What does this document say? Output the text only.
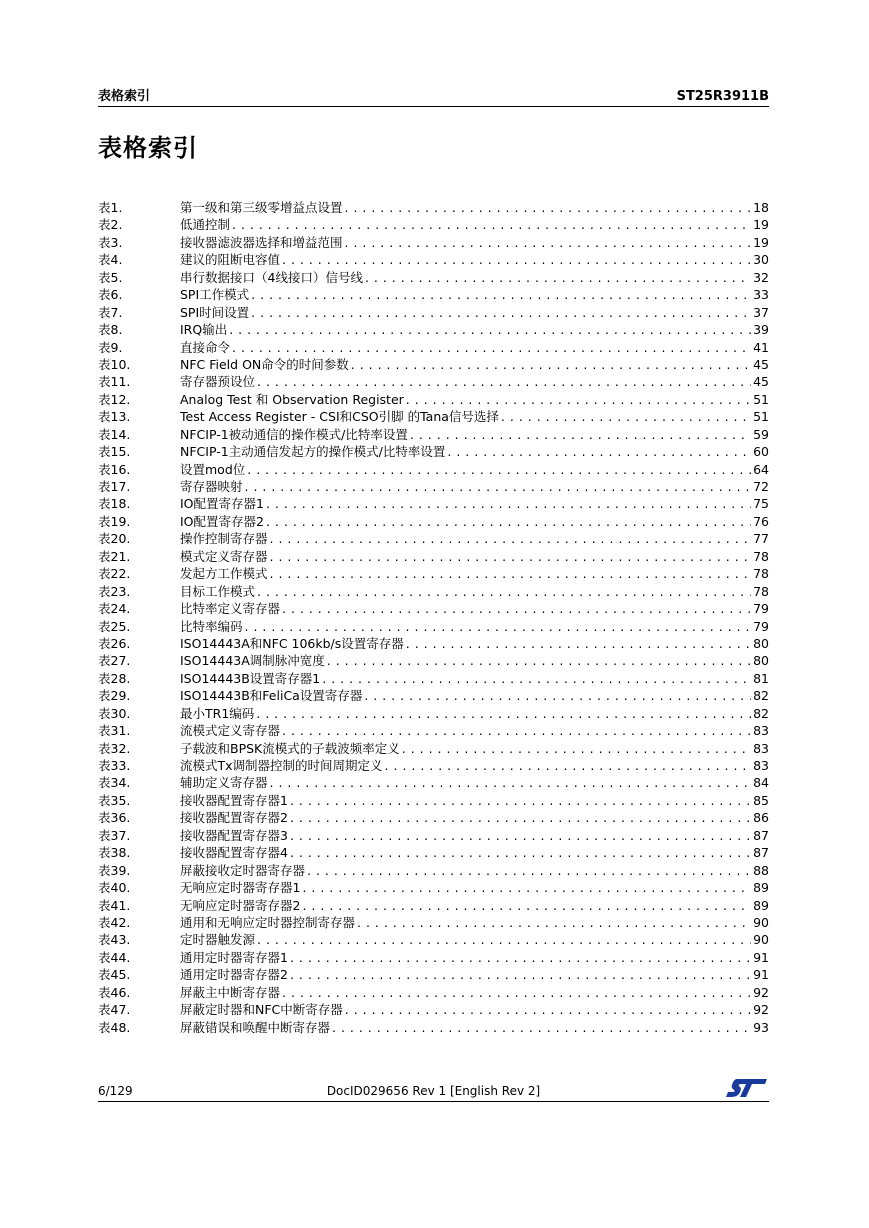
表格索引	ST25R3911B
表格索引
表1.	第一级和第三级零增益点设置 . . .	18
表2.	低通控制 . . .	19
表3.	接收器滤波器选择和增益范围 . . .	19
表4.	建议的阻断电容值 . . .	30
表5.	串行数据接口（4线接口）信号线 . . .	32
表6.	SPI工作模式 . . .	33
表7.	SPI时间设置 . . .	37
表8.	IRQ输出 . . .	39
表9.	直接命令 . . .	41
表10.	NFC Field ON命令的时间参数 . . .	45
表11.	寄存器预设位 . . .	45
表12.	Analog Test 和 Observation Register . . .	51
表13.	Test Access Register - CSI和CSO引脚 的Tana信号选择 . . .	51
表14.	NFCIP-1被动通信的操作模式/比特率设置 . . .	59
表15.	NFCIP-1主动通信发起方的操作模式/比特率设置 . . .	60
表16.	设置mod位 . . .	64
表17.	寄存器映射 . . .	72
表18.	IO配置寄存器1 . . .	75
表19.	IO配置寄存器2 . . .	76
表20.	操作控制寄存器 . . .	77
表21.	模式定义寄存器 . . .	78
表22.	发起方工作模式 . . .	78
表23.	目标工作模式 . . .	78
表24.	比特率定义寄存器 . . .	79
表25.	比特率编码 . . .	79
表26.	ISO14443A和NFC 106kb/s设置寄存器 . . .	80
表27.	ISO14443A调制脉冲宽度 . . .	80
表28.	ISO14443B设置寄存器1 . . .	81
表29.	ISO14443B和FeliCa设置寄存器 . . .	82
表30.	最小TR1编码 . . .	82
表31.	流模式定义寄存器 . . .	83
表32.	子载波和BPSK流模式的子载波频率定义 . . .	83
表33.	流模式Tx调制器控制的时间周期定义 . . .	83
表34.	辅助定义寄存器 . . .	84
表35.	接收器配置寄存器1 . . .	85
表36.	接收器配置寄存器2 . . .	86
表37.	接收器配置寄存器3 . . .	87
表38.	接收器配置寄存器4 . . .	87
表39.	屏蔽接收定时器寄存器 . . .	88
表40.	无响应定时器寄存器1 . . .	89
表41.	无响应定时器寄存器2 . . .	89
表42.	通用和无响应定时器控制寄存器 . . .	90
表43.	定时器触发源 . . .	90
表44.	通用定时器寄存器1 . . .	91
表45.	通用定时器寄存器2 . . .	91
表46.	屏蔽主中断寄存器 . . .	92
表47.	屏蔽定时器和NFC中断寄存器 . . .	92
表48.	屏蔽错误和唤醒中断寄存器 . . .	93
6/129	DocID029656 Rev 1 [English Rev 2]
